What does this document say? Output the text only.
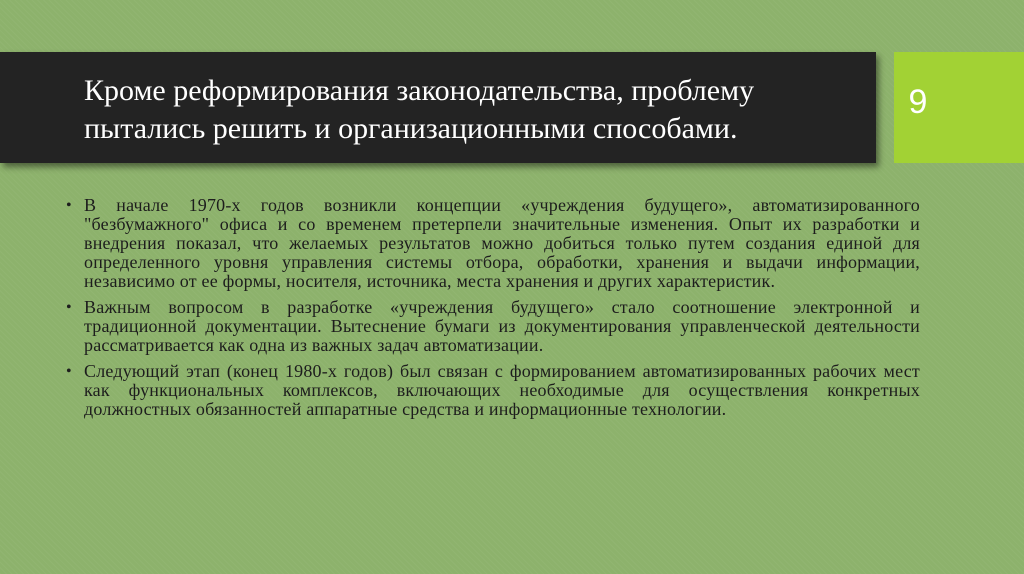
Кроме реформирования законодательства, проблему пытались решить и организационными способами.
9
• В начале 1970-х годов возникли концепции «учреждения будущего», автоматизированного "безбумажного" офиса и со временем претерпели значительные изменения. Опыт их разработки и внедрения показал, что желаемых результатов можно добиться только путем создания единой для определенного уровня управления системы отбора, обработки, хранения и выдачи информации, независимо от ее формы, носителя, источника, места хранения и других характеристик.
• Важным вопросом в разработке «учреждения будущего» стало соотношение электронной и традиционной документации. Вытеснение бумаги из документирования управленческой деятельности рассматривается как одна из важных задач автоматизации.
• Следующий этап (конец 1980-х годов) был связан с формированием автоматизированных рабочих мест как функциональных комплексов, включающих необходимые для осуществления конкретных должностных обязанностей аппаратные средства и информационные технологии.
